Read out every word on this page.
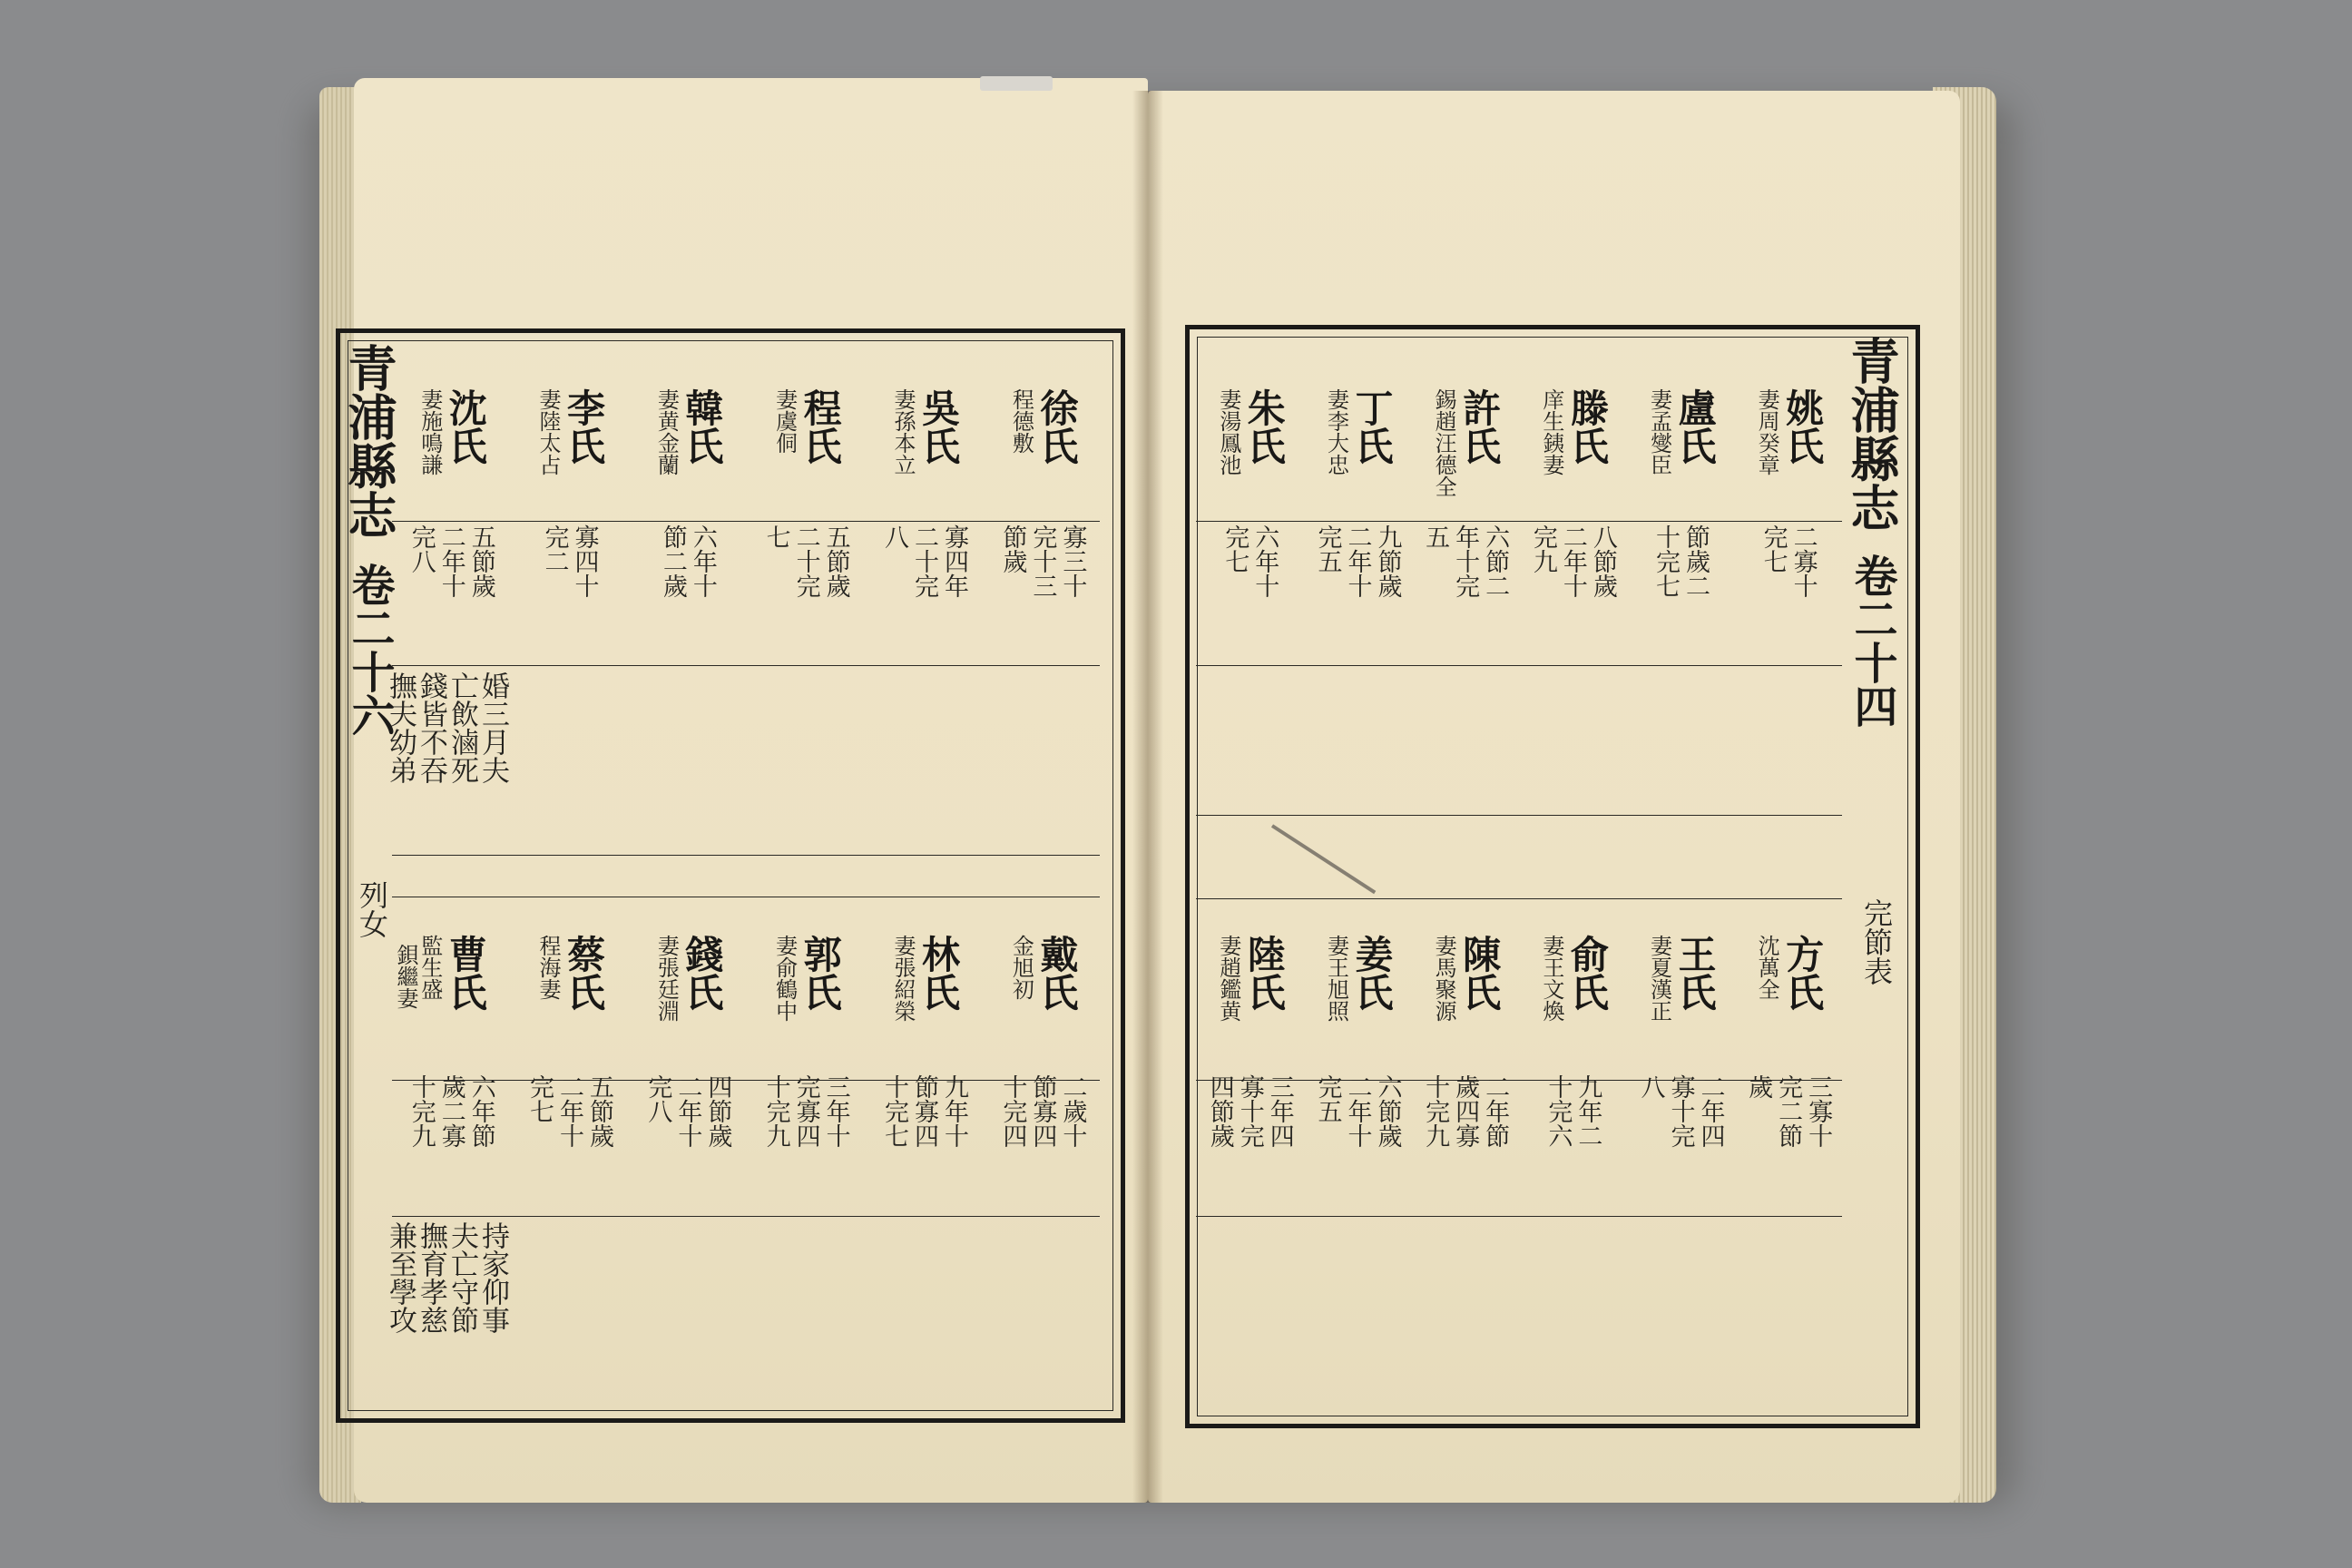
青浦縣志
卷二十六
列女
徐氏
程德敷
寡三十完十三節歲
吳氏
妻孫本立
寡四年二十完八
程氏
妻虞侗
五節歲二十完七
韓氏
妻黄金蘭
六年十節二歲
李氏
妻陸太占
寡四十完二
沈氏
妻施鳴謙
五節歲二年十完八
婚三月夫
亡飲滷死
錢皆不吞
撫夫幼弟
戴氏
金旭初
二歲十節寡四十完四
林氏
妻張紹榮
九年十節寡四十完七
郭氏
妻俞鶴中
三年十完寡四十完九
錢氏
妻張廷淵
四節歲二年十完八
蔡氏
程海妻
五節歲二年十完七
曹氏
監生盛
六年節歲二寡十完九
鋇繼妻
持家仰事
夫亡守節
撫育孝慈
兼至學攻
青浦縣志
卷二十四
完節表
姚氏
妻周癸章
二寡十完七
盧氏
妻孟燮臣
節歲二十完七
滕氏
庠生銕妻
八節歲二年十完九
許氏
錫趙汪德全
六節二年十完五
丁氏
妻李大忠
九節歲二年十完五
朱氏
妻湯鳳池
六年十完七
方氏
沈萬全
三寡十完二節歲
王氏
妻夏漢正
二年四寡十完八
俞氏
妻王文煥
九年二十完六
陳氏
妻馬聚源
二年節歲四寡十完九
姜氏
妻王旭照
六節歲二年十完五
陸氏
妻趙鑑黄
三年四寡十完四節歲
